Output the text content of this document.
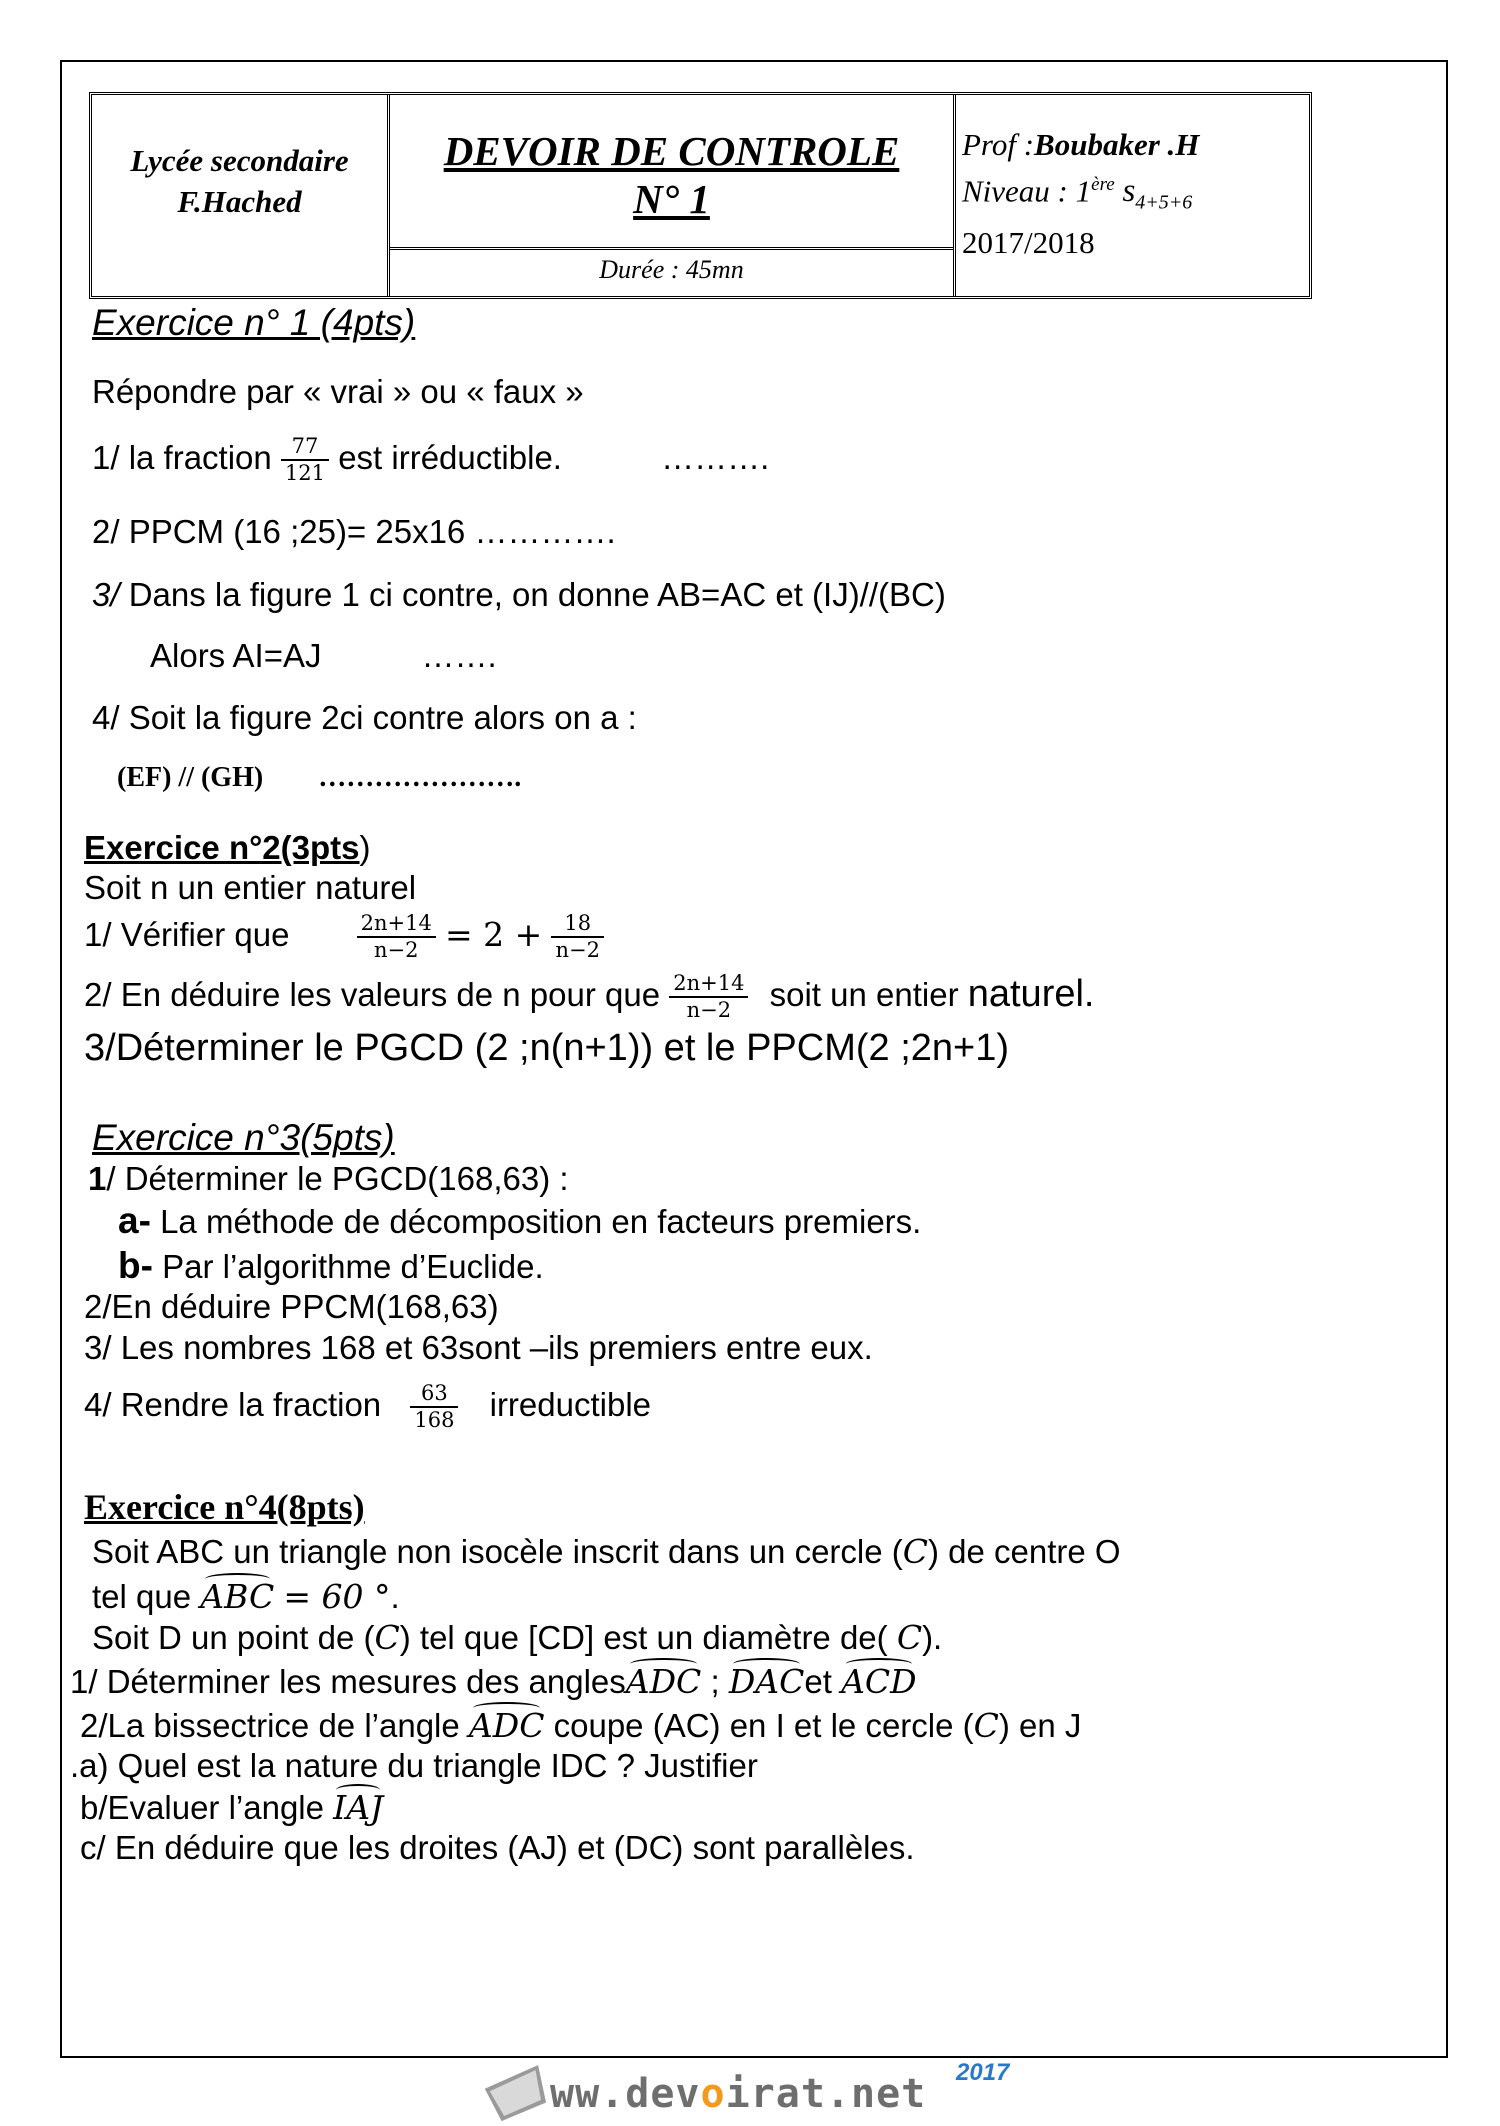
Lycée secondaire
F.Hached
DEVOIR DE CONTROLE
N° 1
Durée : 45mn
Prof :Boubaker .H
Niveau : 1ère $s_{4+5+6}$
2017/2018
Exercice n° 1 (4pts)
Répondre par « vrai » ou « faux »
1/ la fraction $\frac{77}{121}$ est irréductible.	……….
2/ PPCM (16 ;25)= 25x16 ………….
3/ Dans la figure 1 ci contre, on donne AB=AC et (IJ)//(BC)
Alors AI=AJ	…….
4/ Soit la figure 2ci contre alors on a :
(EF) // (GH) ………………….
Exercice n°2(3pts)
Soit n un entier naturel
1/ Vérifier que	$\frac{2n+14}{n-2} = 2 + \frac{18}{n-2}$
2/ En déduire les valeurs de n pour que $\frac{2n+14}{n-2}$ soit un entier naturel.
3/Déterminer le PGCD (2 ;n(n+1)) et le PPCM(2 ;2n+1)
Exercice n°3(5pts)
1/ Déterminer le PGCD(168,63) :
a- La méthode de décomposition en facteurs premiers.
b- Par l’algorithme d’Euclide.
2/En déduire PPCM(168,63)
3/ Les nombres 168 et 63sont –ils premiers entre eux.
4/ Rendre la fraction $\frac{63}{168}$ irreductible
Exercice n°4(8pts)
Soit ABC un triangle non isocèle inscrit dans un cercle (C) de centre O
tel que ABC = 60 °.
Soit D un point de (C) tel que [CD] est un diamètre de( C).
1/ Déterminer les mesures des anglesADC ; DACet ACD
2/La bissectrice de l’angle ADC coupe (AC) en I et le cercle (C) en J
.a) Quel est la nature du triangle IDC ? Justifier
b/Evaluer l’angle IAJ
c/ En déduire que les droites (AJ) et (DC) sont parallèles.
ww.devoirat.net 2017
